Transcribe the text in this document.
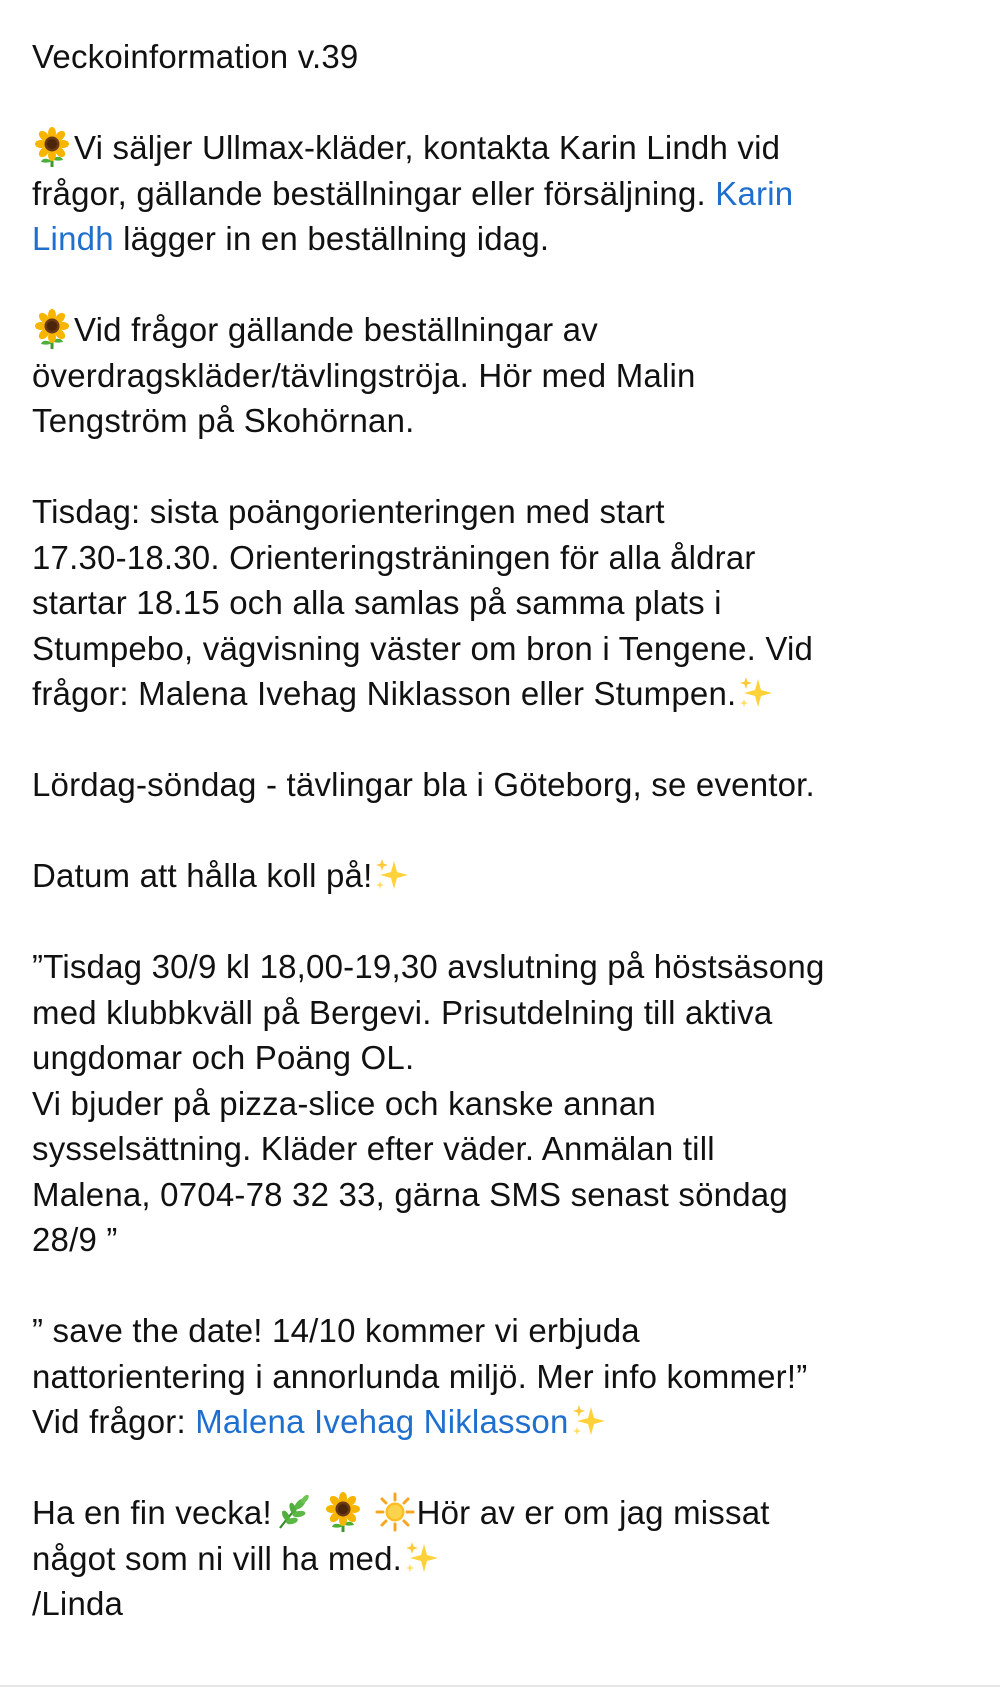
Veckoinformation v.39
Vi säljer Ullmax-kläder, kontakta Karin Lindh vid
frågor, gällande beställningar eller försäljning. Karin
Lindh lägger in en beställning idag.
Vid frågor gällande beställningar av
överdragskläder/tävlingströja. Hör med Malin
Tengström på Skohörnan.
Tisdag: sista poängorienteringen med start
17.30-18.30. Orienteringsträningen för alla åldrar
startar 18.15 och alla samlas på samma plats i
Stumpebo, vägvisning väster om bron i Tengene. Vid
frågor: Malena Ivehag Niklasson eller Stumpen.
Lördag-söndag - tävlingar bla i Göteborg, se eventor.
Datum att hålla koll på!
”Tisdag 30/9 kl 18,00-19,30 avslutning på höstsäsong
med klubbkväll på Bergevi. Prisutdelning till aktiva
ungdomar och Poäng OL.
Vi bjuder på pizza-slice och kanske annan
sysselsättning. Kläder efter väder. Anmälan till
Malena, 0704-78 32 33, gärna SMS senast söndag
28/9 ”
” save the date! 14/10 kommer vi erbjuda
nattorientering i annorlunda miljö. Mer info kommer!”
Vid frågor: Malena Ivehag Niklasson
Ha en fin vecka!

	Hör av er om jag missat
något som ni vill ha med.
/Linda
